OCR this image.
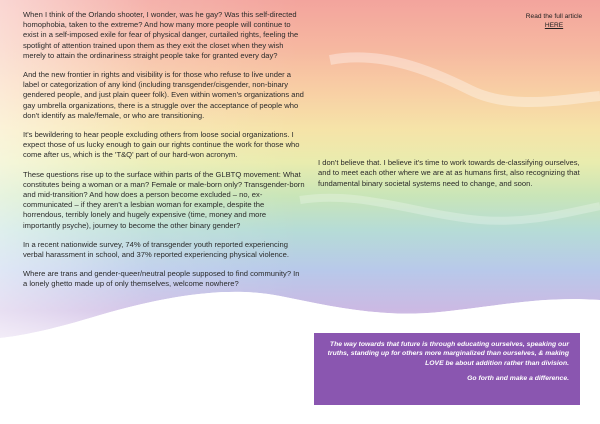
Read the full article
HERE

When I think of the Orlando shooter, I wonder, was he gay? Was this self-directed homophobia, taken to the extreme? And how many more people will continue to exist in a self-imposed exile for fear of physical danger, curtailed rights, feeling the spotlight of attention trained upon them as they exit the closet when they wish merely to attain the ordinariness straight people take for granted every day?

And the new frontier in rights and visibility is for those who refuse to live under a label or categorization of any kind (including transgender/cisgender, non-binary gendered people, and just plain queer folk). Even within women's organizations and gay umbrella organizations, there is a struggle over the acceptance of people who don't identify as male/female, or who are transitioning.

It's bewildering to hear people excluding others from loose social organizations. I expect those of us lucky enough to gain our rights continue the work for those who come after us, which is the 'T&Q' part of our hard-won acronym.

These questions rise up to the surface within parts of the GLBTQ movement: What constitutes being a woman or a man? Female or male-born only? Transgender-born and mid-transition? And how does a person become excluded – no, ex-communicated – if they aren't a lesbian woman for example, despite the horrendous, terribly lonely and hugely expensive (time, money and more importantly psyche), journey to become the other binary gender?

In a recent nationwide survey, 74% of transgender youth reported experiencing verbal harassment in school, and 37% reported experiencing physical violence.

Where are trans and gender-queer/neutral people supposed to find community? In a lonely ghetto made up of only themselves, welcome nowhere?

I don't believe that. I believe it's time to work towards de-classifying ourselves, and to meet each other where we are at as humans first, also recognizing that fundamental binary societal systems need to change, and soon.

The way towards that future is through educating ourselves, speaking our truths, standing up for others more marginalized than ourselves, & making LOVE be about addition rather than division.

Go forth and make a difference.
